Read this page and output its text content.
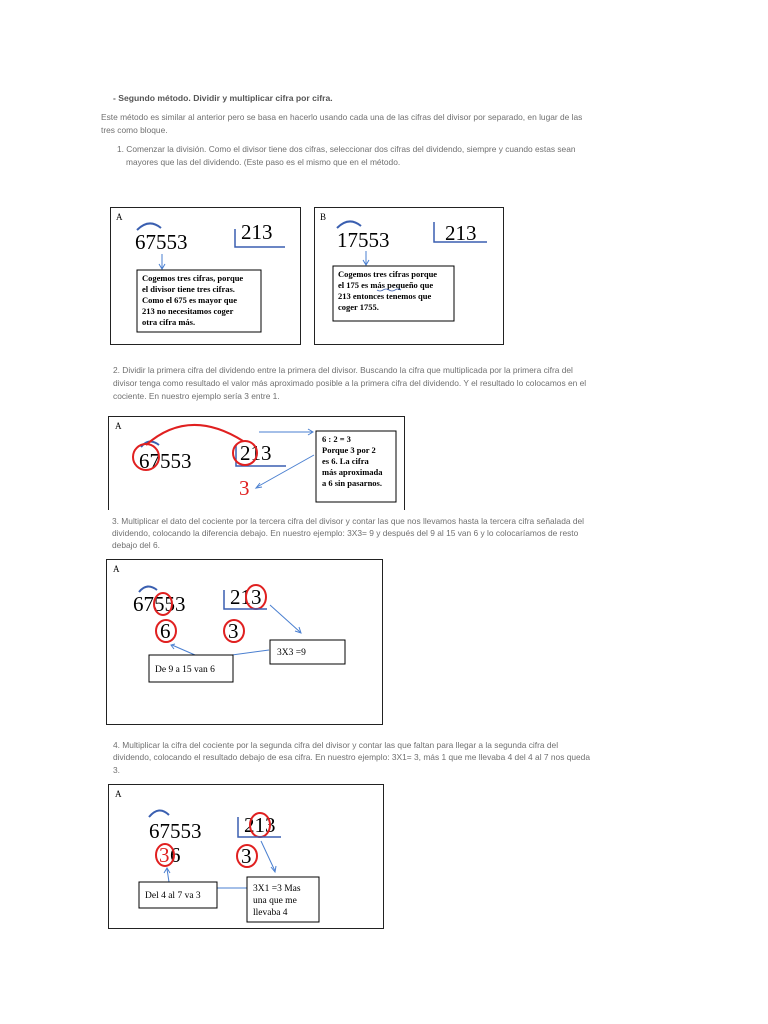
- Segundo método. Dividir y multiplicar cifra por cifra.
Este método es similar al anterior pero se basa en hacerlo usando cada una de las cifras del divisor por separado, en lugar de las
tres como bloque.
1. Comenzar la división. Como el divisor tiene dos cifras, seleccionar dos cifras del dividendo, siempre y cuando estas sean
mayores que las del dividendo. (Este paso es el mismo que en el método.
A
67553	213
Cogemos tres cifras, porque el divisor tiene tres cifras. Como el 675 es mayor que 213 no necesitamos coger otra cifra más.
B
17553	213
Cogemos tres cifras porque el 175 es más pequeño que 213 entonces tenemos que coger 1755.
2. Dividir la primera cifra del dividendo entre la primera del divisor. Buscando la cifra que multiplicada por la primera cifra del
divisor tenga como resultado el valor más aproximado posible a la primera cifra del dividendo. Y el resultado lo colocamos en el
cociente. En nuestro ejemplo sería 3 entre 1.
A
67553 213
3
6 : 2 = 3 Porque 3 por 2 es 6. La cifra más aproximada a 6 sin pasarnos.
3. Multiplicar el dato del cociente por la tercera cifra del divisor y contar las que nos llevamos hasta la tercera cifra señalada del
dividendo, colocando la diferencia debajo. En nuestro ejemplo: 3X3= 9 y después del 9 al 15 van 6 y lo colocaríamos de resto
debajo del 6.
A
67553 213
6	3
De 9 a 15 van 6
3X3 =9
4. Multiplicar la cifra del cociente por la segunda cifra del divisor y contar las que faltan para llegar a la segunda cifra del
dividendo, colocando el resultado debajo de esa cifra. En nuestro ejemplo: 3X1= 3, más 1 que me llevaba 4 del 4 al 7 nos queda
3.
A
67553 213
3 6	3
Del 4 al 7 va 3
3X1 =3 Mas una que me llevaba 4
